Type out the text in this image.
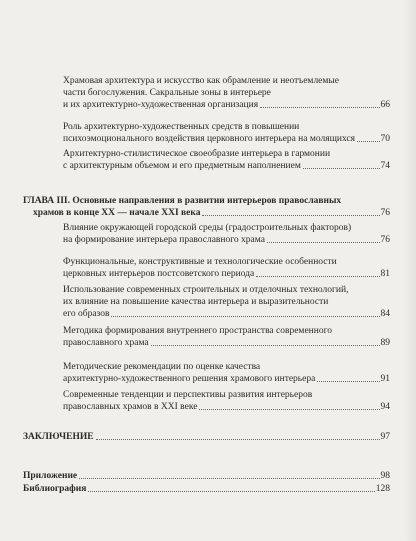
Храмовая архитектура и искусство как обрамление и неотъемлемые
части богослужения. Сакральные зоны в интерьере
и их архитектурно-художественная организация	66
Роль архитектурно-художественных средств в повышении
психоэмоционального воздействия церковного интерьера на молящихся	70
Архитектурно-стилистическое своеобразие интерьера в гармонии
с архитектурным объемом и его предметным наполнением	74
ГЛАВА III. Основные направления в развитии интерьеров православных
храмов в конце XX — начале XXI века	76
Влияние окружающей городской среды (градостроительных факторов)
на формирование интерьера православного храма	76
Функциональные, конструктивные и технологические особенности
церковных интерьеров постсоветского периода	81
Использование современных строительных и отделочных технологий,
их влияние на повышение качества интерьера и выразительности
его образов	84
Методика формирования внутреннего пространства современного
православного храма	89
Методические рекомендации по оценке качества
архитектурно-художественного решения храмового интерьера	91
Современные тенденции и перспективы развития интерьеров
православных храмов в XXI веке	94
ЗАКЛЮЧЕНИЕ	97
Приложение	98
Библиография	128
